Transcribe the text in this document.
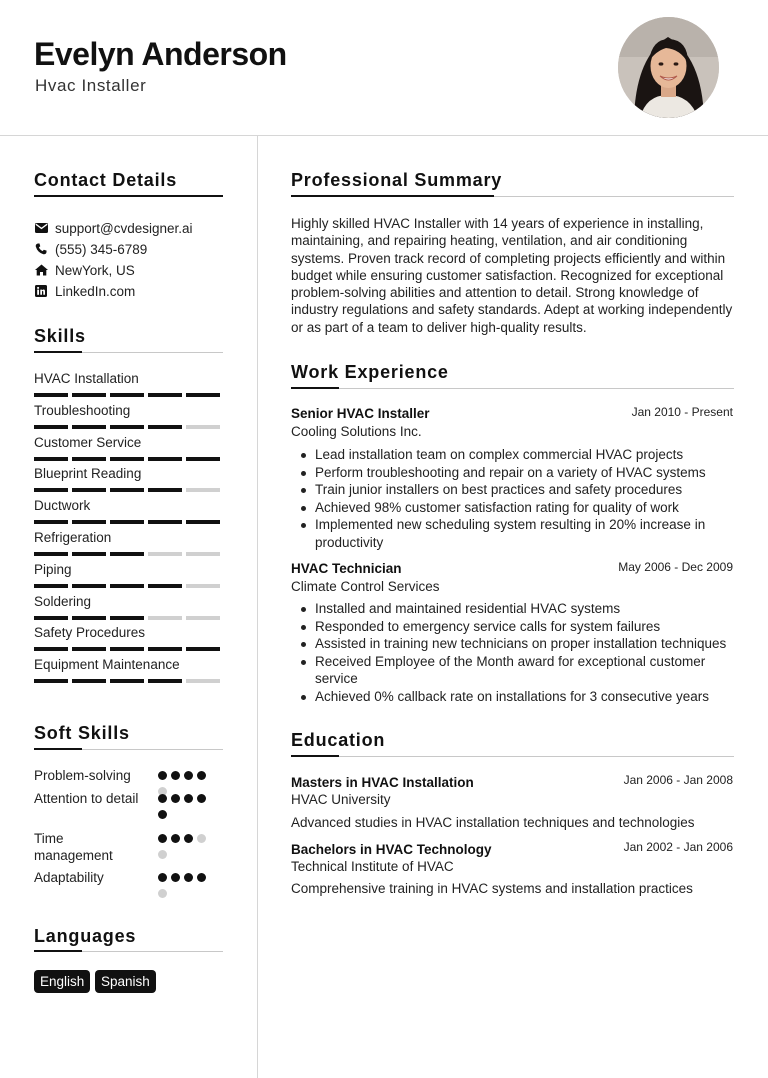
Evelyn Anderson
Hvac Installer
Contact Details
support@cvdesigner.ai
(555) 345-6789
NewYork, US
LinkedIn.com
Skills
HVAC Installation
Troubleshooting
Customer Service
Blueprint Reading
Ductwork
Refrigeration
Piping
Soldering
Safety Procedures
Equipment Maintenance
Soft Skills
Problem-solving
Attention to detail
Time management
Adaptability
Languages
English	Spanish
Professional Summary
Highly skilled HVAC Installer with 14 years of experience in installing, maintaining, and repairing heating, ventilation, and air conditioning systems. Proven track record of completing projects efficiently and within budget while ensuring customer satisfaction. Recognized for exceptional problem-solving abilities and attention to detail. Strong knowledge of industry regulations and safety standards. Adept at working independently or as part of a team to deliver high-quality results.
Work Experience
Senior HVAC Installer	Jan 2010 - Present
Cooling Solutions Inc.
Lead installation team on complex commercial HVAC projects
Perform troubleshooting and repair on a variety of HVAC systems
Train junior installers on best practices and safety procedures
Achieved 98% customer satisfaction rating for quality of work
Implemented new scheduling system resulting in 20% increase in productivity
HVAC Technician	May 2006 - Dec 2009
Climate Control Services
Installed and maintained residential HVAC systems
Responded to emergency service calls for system failures
Assisted in training new technicians on proper installation techniques
Received Employee of the Month award for exceptional customer service
Achieved 0% callback rate on installations for 3 consecutive years
Education
Masters in HVAC Installation	Jan 2006 - Jan 2008
HVAC University
Advanced studies in HVAC installation techniques and technologies
Bachelors in HVAC Technology	Jan 2002 - Jan 2006
Technical Institute of HVAC
Comprehensive training in HVAC systems and installation practices
